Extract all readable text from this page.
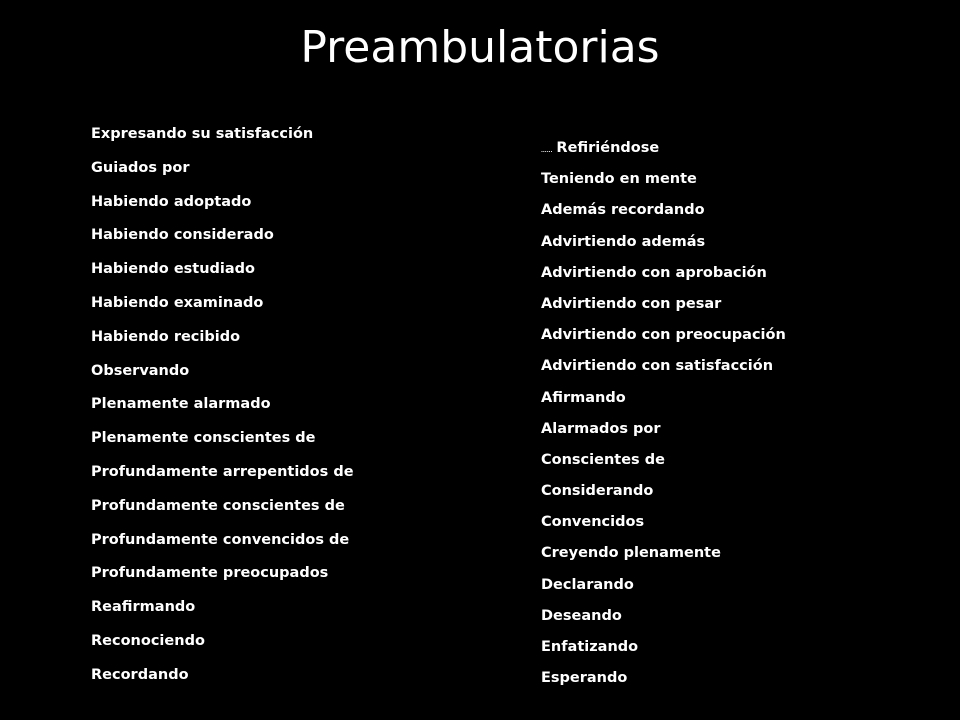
Preambulatorias
Expresando su satisfacción
Guiados por
Habiendo adoptado
Habiendo considerado
Habiendo estudiado
Habiendo examinado
Habiendo recibido
Observando
Plenamente alarmado
Plenamente conscientes de
Profundamente arrepentidos de
Profundamente conscientes de
Profundamente convencidos de
Profundamente preocupados
Reafirmando
Reconociendo
Recordando
...... Refiriéndose
Teniendo en mente
Además recordando
Advirtiendo además
Advirtiendo con aprobación
Advirtiendo con pesar
Advirtiendo con preocupación
Advirtiendo con satisfacción
Afirmando
Alarmados por
Conscientes de
Considerando
Convencidos
Creyendo plenamente
Declarando
Deseando
Enfatizando
Esperando
